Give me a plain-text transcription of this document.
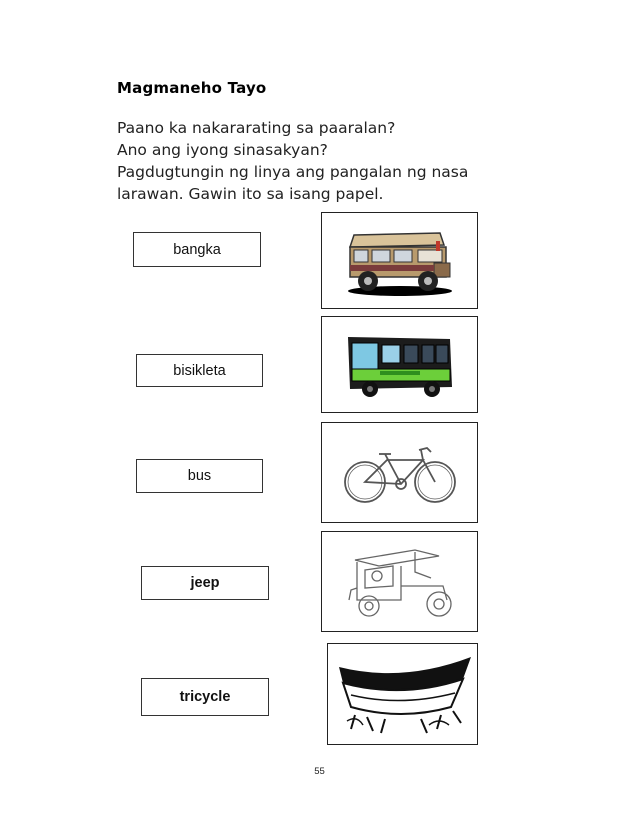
Magmaneho Tayo
Paano ka nakararating sa paaralan?
Ano ang iyong sinasakyan?
Pagdugtungin ng linya ang pangalan ng nasa
larawan. Gawin ito sa isang papel.
bangka
bisikleta
bus
jeep
tricycle
55
